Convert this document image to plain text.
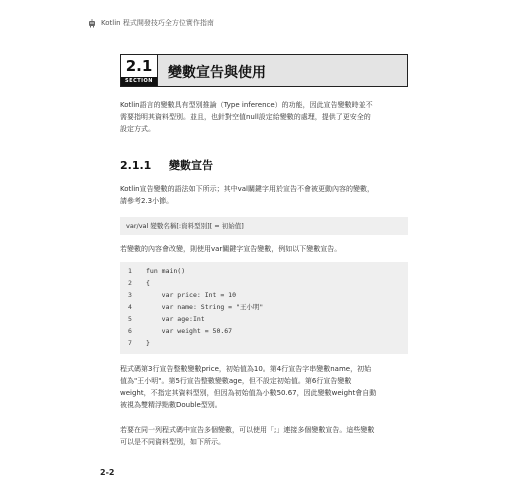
Kotlin 程式開發技巧全方位實作指南
2.1
SECTION 變數宣告與使用
Kotlin語言的變數具有型別推論（Type inference）的功能，因此宣告變數時並不
需要指明其資料型別。並且，也針對空值null設定給變數的處理，提供了更安全的
設定方式。
2.1.1 變數宣告
Kotlin宣告變數的語法如下所示；其中val關鍵字用於宣告不會被更動內容的變數，
請參考2.3小節。
var/val 變數名稱[:資料型別][ = 初始值]
若變數的內容會改變，則使用var關鍵字宣告變數，例如以下變數宣告。
1	fun main()
2	{
3	var price: Int = 10
4	var name: String = "王小明"
5	var age:Int
6	var weight = 50.67
7	}
程式碼第3行宣告整數變數price，初始值為10。第4行宣告字串變數name，初始
值為"王小明"。第5行宣告整數變數age，但不設定初始值。第6行宣告變數
weight，不指定其資料型別，但因為初始值為小數50.67，因此變數weight會自動
被視為雙精浮點數Double型別。
若要在同一列程式碼中宣告多個變數，可以使用「;」連接多個變數宣告。這些變數
可以是不同資料型別，如下所示。
2-2
